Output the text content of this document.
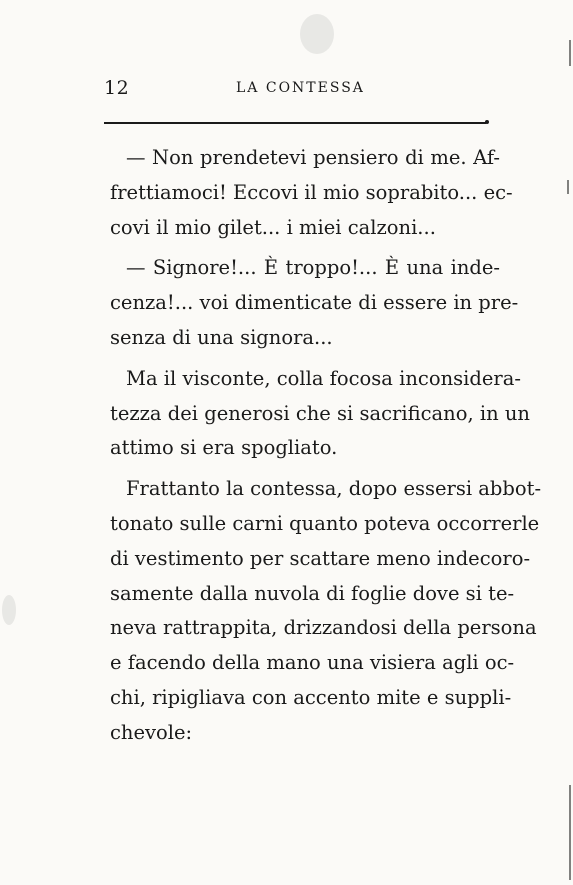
12	LA CONTESSA
— Non prendetevi pensiero di me. Af-
frettiamoci! Eccovi il mio soprabito... ec-
covi il mio gilet... i miei calzoni...
— Signore!... È troppo!... È una inde-
cenza!... voi dimenticate di essere in pre-
senza di una signora...
Ma il visconte, colla focosa inconsidera-
tezza dei generosi che si sacrificano, in un
attimo si era spogliato.
Frattanto la contessa, dopo essersi abbot-
tonato sulle carni quanto poteva occorrerle
di vestimento per scattare meno indecoro-
samente dalla nuvola di foglie dove si te-
neva rattrappita, drizzandosi della persona
e facendo della mano una visiera agli oc-
chi, ripigliava con accento mite e suppli-
chevole:
